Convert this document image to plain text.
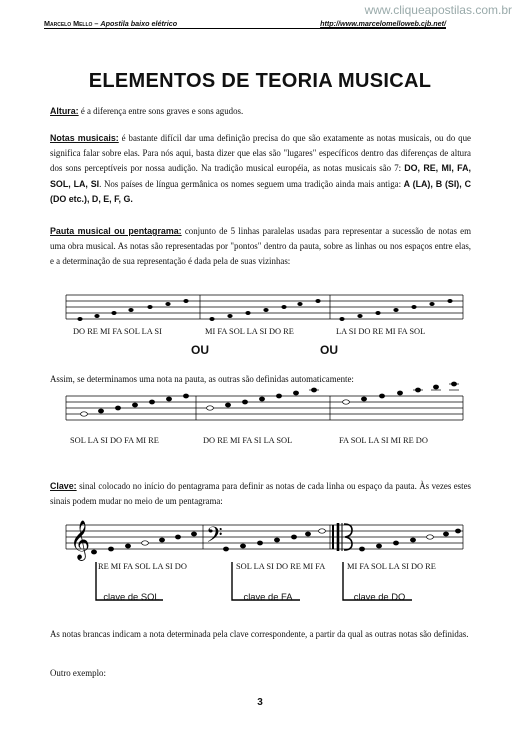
www.cliqueapostilas.com.br
Marcelo Mello – Apostila baixo elétrico	http://www.marcelomelloweb.cjb.net/
ELEMENTOS DE TEORIA MUSICAL

Altura: é a diferença entre sons graves e sons agudos.

Notas musicais: é bastante difícil dar uma definição precisa do que são exatamente as notas musicais, ou do que significa falar sobre elas. Para nós aqui, basta dizer que elas são "lugares" específicos dentro das diferenças de altura dos sons perceptíveis por nossa audição. Na tradição musical européia, as notas musicais são 7: DO, RE, MI, FA, SOL, LA, SI. Nos países de língua germânica os nomes seguem uma tradição ainda mais antiga: A (LA), B (SI), C (DO etc.), D, E, F, G.

Pauta musical ou pentagrama: conjunto de 5 linhas paralelas usadas para representar a sucessão de notas em uma obra musical. As notas são representadas por "pontos" dentro da pauta, sobre as linhas ou nos espaços entre elas, e a determinação de sua representação é dada pela de suas vizinhas:

𝄞	𝄢
DO RE MI FA SOL LA SI	MI FA SOL LA SI DO RE	LA SI DO RE MI FA SOL
OU	OU

Assim, se determinamos uma nota na pauta, as outras são definidas automaticamente:

SOL LA SI DO FA MI RE	DO RE MI FA SI LA SOL	FA SOL LA SI MI RE DO

Clave: sinal colocado no início do pentagrama para definir as notas de cada linha ou espaço da pauta. Às vezes estes sinais podem mudar no meio de um pentagrama:

RE MI FA SOL LA SI DO	SOL LA SI DO RE MI FA	MI FA SOL LA SI DO RE
clave de SOL	clave de FA	clave de DO

As notas brancas indicam a nota determinada pela clave correspondente, a partir da qual as outras notas são definidas.

Outro exemplo:

3
